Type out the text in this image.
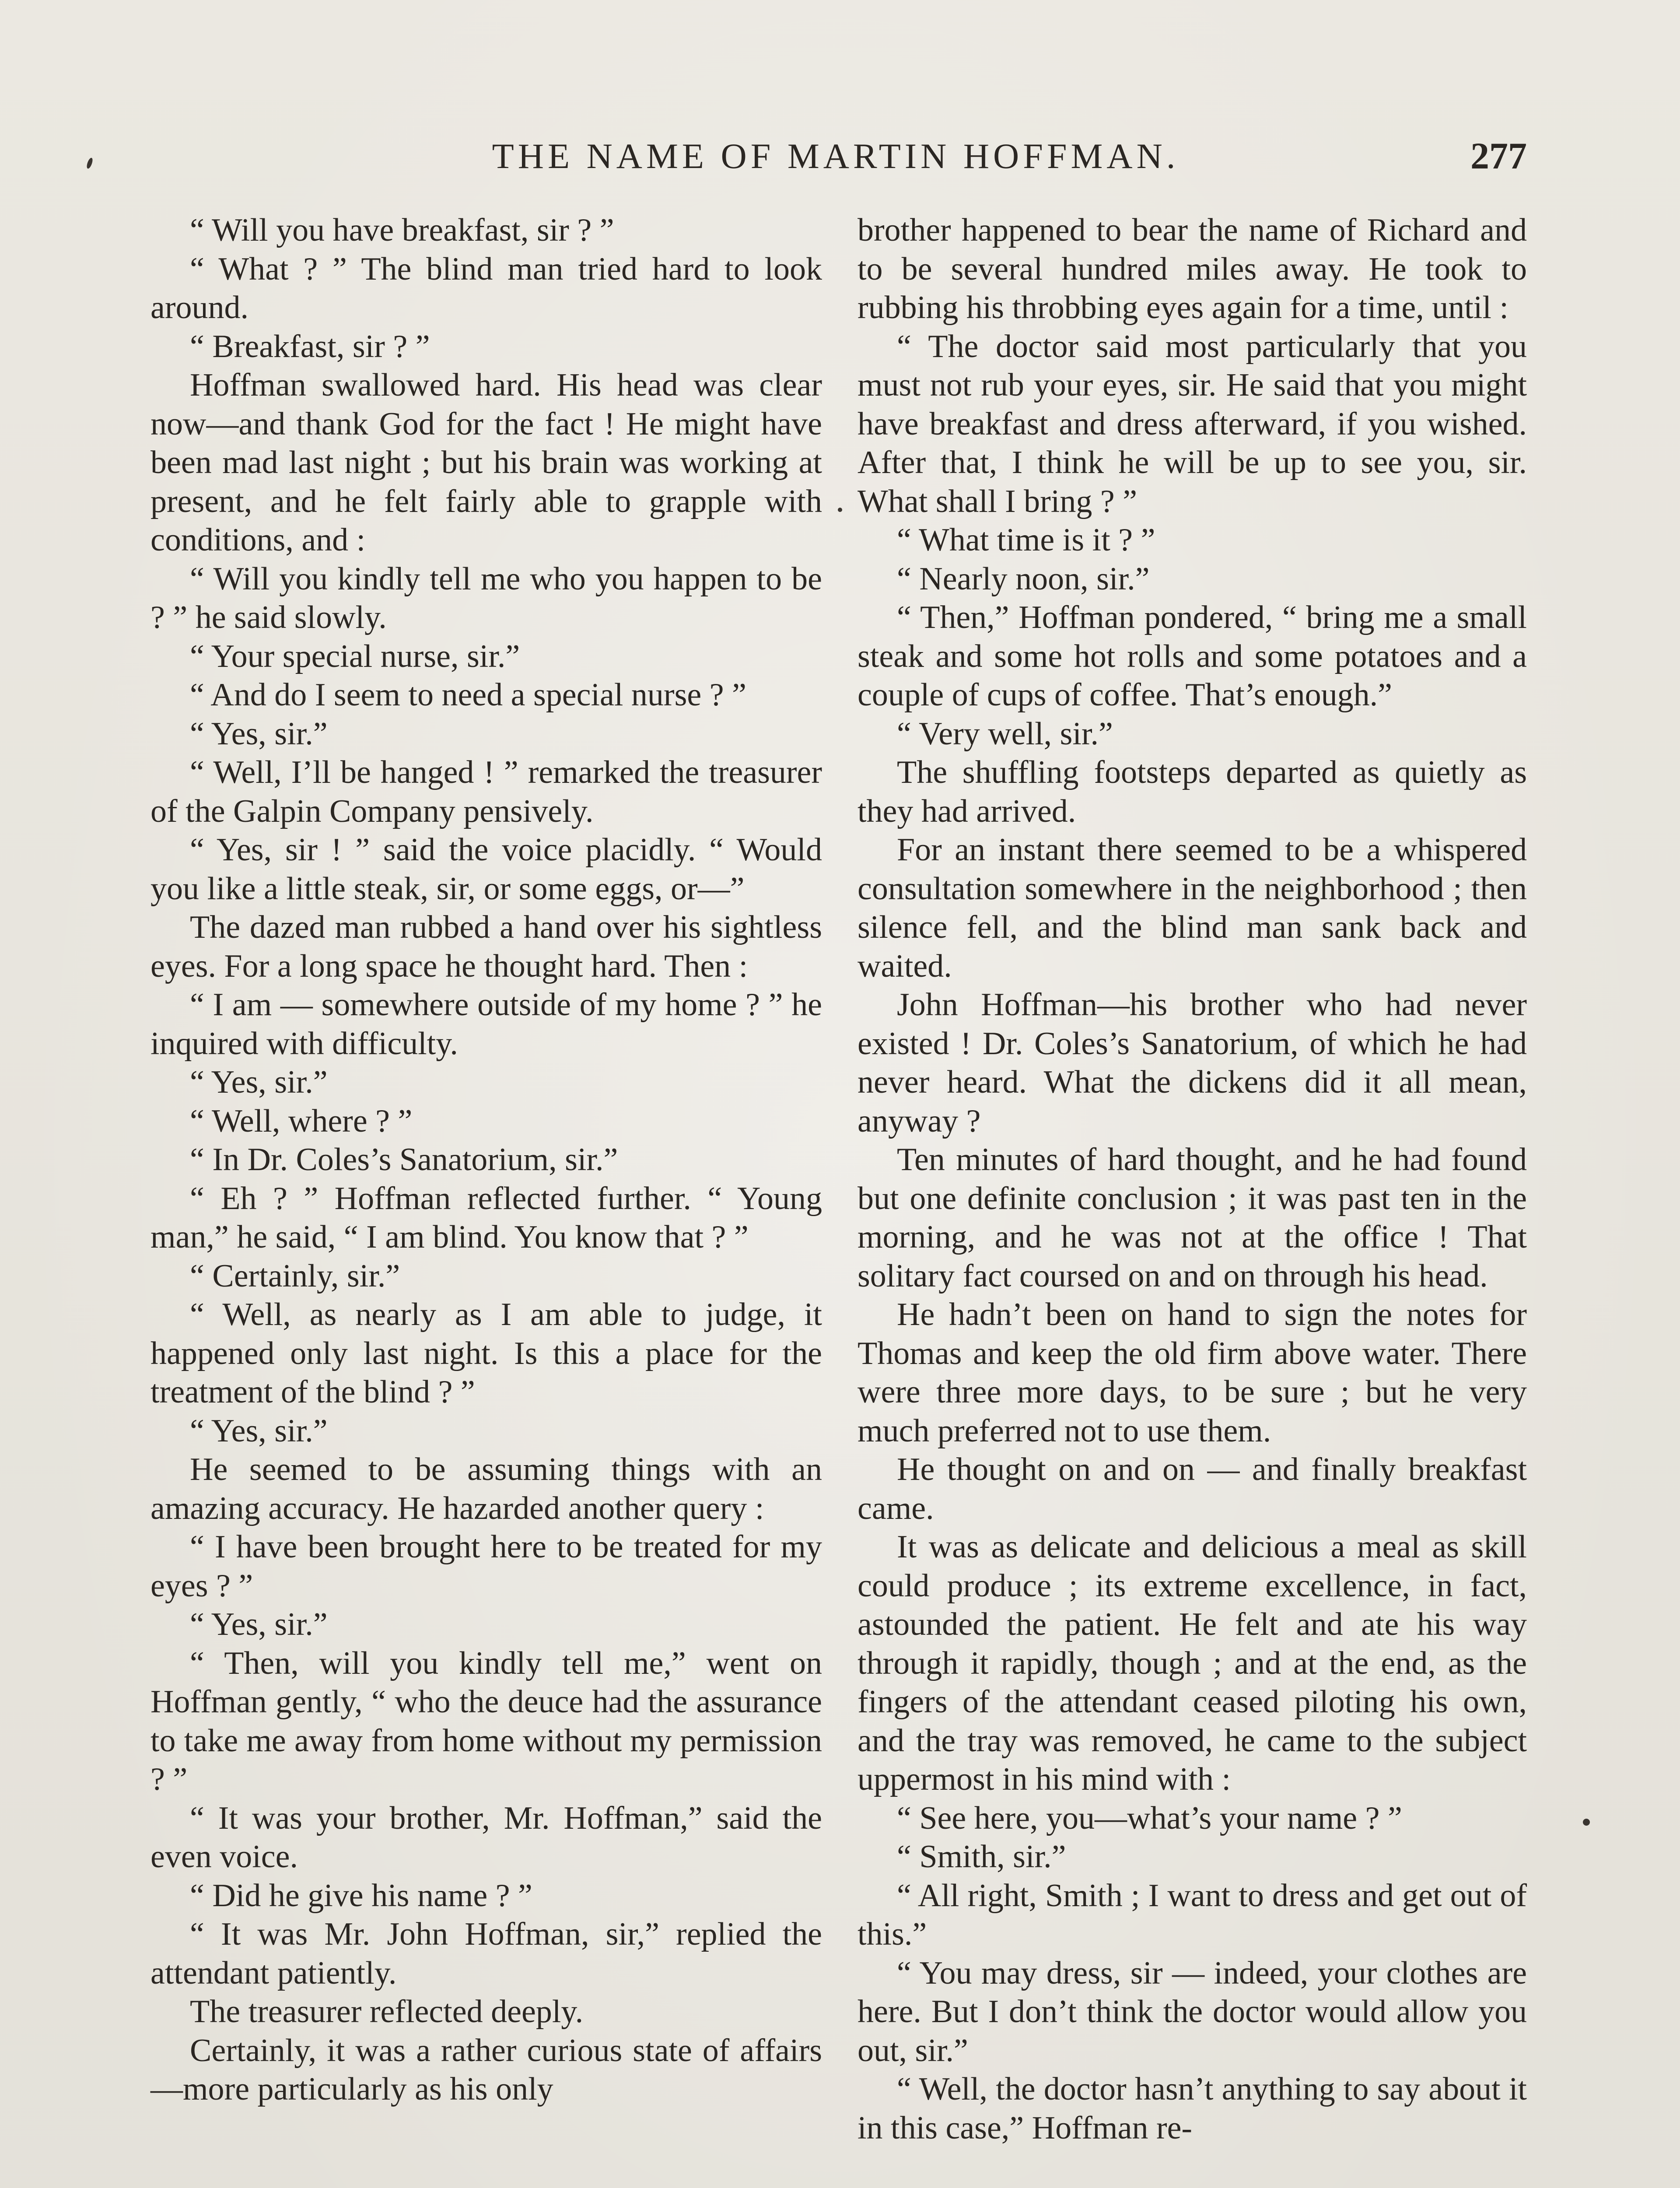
THE NAME OF MARTIN HOFFMAN.	277

“ Will you have breakfast, sir ? ”

“ What ? ” The blind man tried hard to look around.

“ Breakfast, sir ? ”

Hoffman swallowed hard. His head was clear now—and thank God for the fact ! He might have been mad last night ; but his brain was working at present, and he felt fairly able to grapple with conditions, and :

“ Will you kindly tell me who you happen to be ? ” he said slowly.

“ Your special nurse, sir.”

“ And do I seem to need a special nurse ? ”

“ Yes, sir.”

“ Well, I’ll be hanged ! ” remarked the treasurer of the Galpin Company pensively.

“ Yes, sir ! ” said the voice placidly. “ Would you like a little steak, sir, or some eggs, or—”

The dazed man rubbed a hand over his sightless eyes. For a long space he thought hard. Then :

“ I am — somewhere outside of my home ? ” he inquired with difficulty.

“ Yes, sir.”

“ Well, where ? ”

“ In Dr. Coles’s Sanatorium, sir.”

“ Eh ? ” Hoffman reflected further. “ Young man,” he said, “ I am blind. You know that ? ”

“ Certainly, sir.”

“ Well, as nearly as I am able to judge, it happened only last night. Is this a place for the treatment of the blind ? ”

“ Yes, sir.”

He seemed to be assuming things with an amazing accuracy. He hazarded another query :

“ I have been brought here to be treated for my eyes ? ”

“ Yes, sir.”

“ Then, will you kindly tell me,” went on Hoffman gently, “ who the deuce had the assurance to take me away from home without my permission ? ”

“ It was your brother, Mr. Hoffman,” said the even voice.

“ Did he give his name ? ”

“ It was Mr. John Hoffman, sir,” replied the attendant patiently.

The treasurer reflected deeply.

Certainly, it was a rather curious state of affairs—more particularly as his only

brother happened to bear the name of Richard and to be several hundred miles away. He took to rubbing his throbbing eyes again for a time, until :

“ The doctor said most particularly that you must not rub your eyes, sir. He said that you might have breakfast and dress afterward, if you wished. After that, I think he will be up to see you, sir. What shall I bring ? ”

“ What time is it ? ”

“ Nearly noon, sir.”

“ Then,” Hoffman pondered, “ bring me a small steak and some hot rolls and some potatoes and a couple of cups of coffee. That’s enough.”

“ Very well, sir.”

The shuffling footsteps departed as quietly as they had arrived.

For an instant there seemed to be a whispered consultation somewhere in the neighborhood ; then silence fell, and the blind man sank back and waited.

John Hoffman—his brother who had never existed ! Dr. Coles’s Sanatorium, of which he had never heard. What the dickens did it all mean, anyway ?

Ten minutes of hard thought, and he had found but one definite conclusion ; it was past ten in the morning, and he was not at the office ! That solitary fact coursed on and on through his head.

He hadn’t been on hand to sign the notes for Thomas and keep the old firm above water. There were three more days, to be sure ; but he very much preferred not to use them.

He thought on and on — and finally breakfast came.

It was as delicate and delicious a meal as skill could produce ; its extreme excellence, in fact, astounded the patient. He felt and ate his way through it rapidly, though ; and at the end, as the fingers of the attendant ceased piloting his own, and the tray was removed, he came to the subject uppermost in his mind with :

“ See here, you—what’s your name ? ”

“ Smith, sir.”

“ All right, Smith ; I want to dress and get out of this.”

“ You may dress, sir — indeed, your clothes are here. But I don’t think the doctor would allow you out, sir.”

“ Well, the doctor hasn’t anything to say about it in this case,” Hoffman re-
